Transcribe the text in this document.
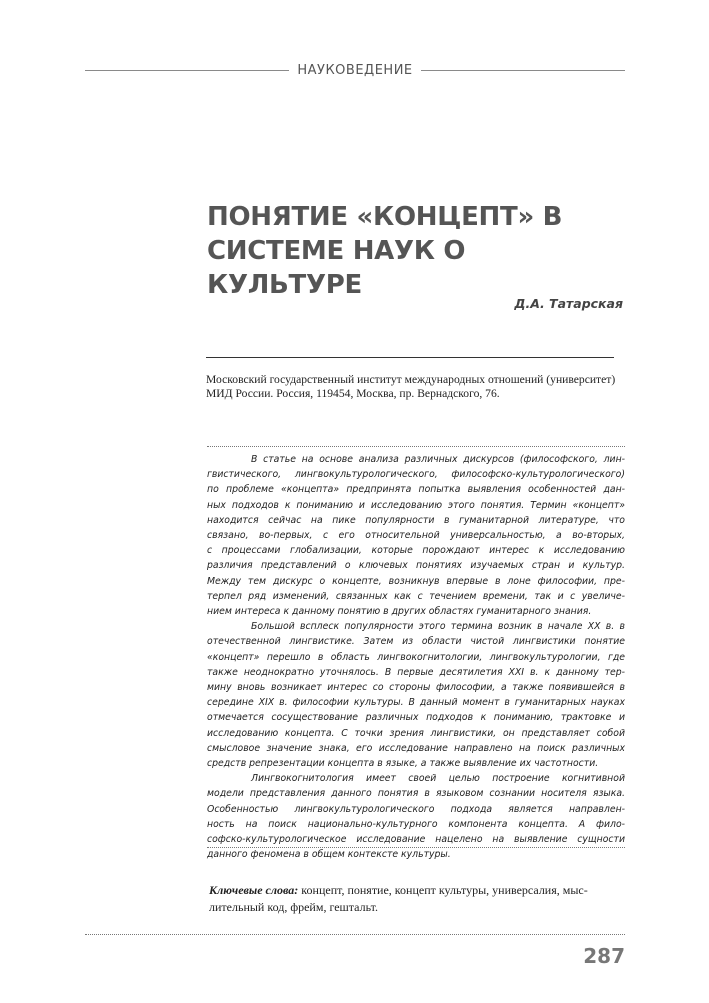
НАУКОВЕДЕНИЕ
ПОНЯТИЕ «КОНЦЕПТ» В
СИСТЕМЕ НАУК О КУЛЬТУРЕ
Д.А. Татарская
Московский государственный институт международных отношений (университет)
МИД России. Россия, 119454, Москва, пр. Вернадского, 76.
В статье на основе анализа различных дискурсов (философского, лин-
гвистического, лингвокультурологического, философско-культурологического)
по проблеме «концепта» предпринята попытка выявления особенностей дан-
ных подходов к пониманию и исследованию этого понятия. Термин «концепт»
находится сейчас на пике популярности в гуманитарной литературе, что
связано, во-первых, с его относительной универсальностью, а во-вторых,
с процессами глобализации, которые порождают интерес к исследованию
различия представлений о ключевых понятиях изучаемых стран и культур.
Между тем дискурс о концепте, возникнув впервые в лоне философии, пре-
терпел ряд изменений, связанных как с течением времени, так и с увеличе-
нием интереса к данному понятию в других областях гуманитарного знания.
Большой всплеск популярности этого термина возник в начале XX в. в
отечественной лингвистике. Затем из области чистой лингвистики понятие
«концепт» перешло в область лингвокогнитологии, лингвокультурологии, где
также неоднократно уточнялось. В первые десятилетия XXI в. к данному тер-
мину вновь возникает интерес со стороны философии, а также появившейся в
середине XIX в. философии культуры. В данный момент в гуманитарных науках
отмечается сосуществование различных подходов к пониманию, трактовке и
исследованию концепта. С точки зрения лингвистики, он представляет собой
смысловое значение знака, его исследование направлено на поиск различных
средств репрезентации концепта в языке, а также выявление их частотности.
Лингвокогнитология имеет своей целью построение когнитивной
модели представления данного понятия в языковом сознании носителя языка.
Особенностью лингвокультурологического подхода является направлен-
ность на поиск национально-культурного компонента концепта. А фило-
софско-культурологическое исследование нацелено на выявление сущности
данного феномена в общем контексте культуры.
Ключевые слова: концепт, понятие, концепт культуры, универсалия, мыс-
лительный код, фрейм, гештальт.
287
